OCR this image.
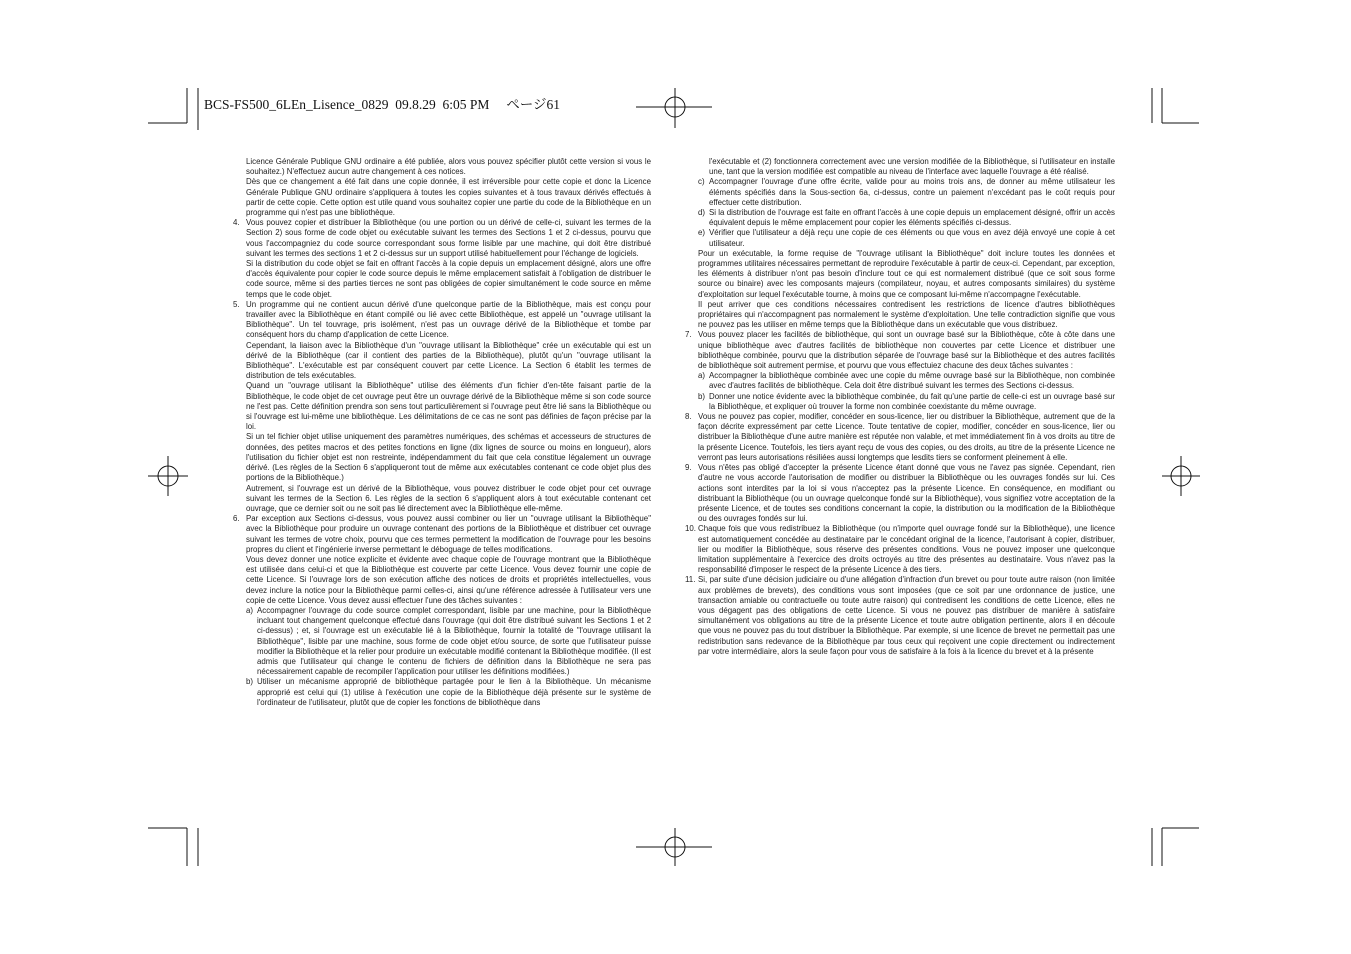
BCS-FS500_6LEn_Lisence_0829  09.8.29  6:05 PM     ページ61
Licence Générale Publique GNU ordinaire a été publiée, alors vous pouvez spécifier plutôt cette version si vous le souhaitez.) N'effectuez aucun autre changement à ces notices.
Dès que ce changement a été fait dans une copie donnée, il est irréversible pour cette copie et donc la Licence Générale Publique GNU ordinaire s'appliquera à toutes les copies suivantes et à tous travaux dérivés effectués à partir de cette copie. Cette option est utile quand vous souhaitez copier une partie du code de la Bibliothèque en un programme qui n'est pas une bibliothèque.
4. Vous pouvez copier et distribuer la Bibliothèque (ou une portion ou un dérivé de celle-ci, suivant les termes de la Section 2) sous forme de code objet ou exécutable suivant les termes des Sections 1 et 2 ci-dessus, pourvu que vous l'accompagniez du code source correspondant sous forme lisible par une machine, qui doit être distribué suivant les termes des sections 1 et 2 ci-dessus sur un support utilisé habituellement pour l'échange de logiciels.
Si la distribution du code objet se fait en offrant l'accès à la copie depuis un emplacement désigné, alors une offre d'accès équivalente pour copier le code source depuis le même emplacement satisfait à l'obligation de distribuer le code source, même si des parties tierces ne sont pas obligées de copier simultanément le code source en même temps que le code objet.
5. Un programme qui ne contient aucun dérivé d'une quelconque partie de la Bibliothèque, mais est conçu pour travailler avec la Bibliothèque en étant compilé ou lié avec cette Bibliothèque, est appelé un "ouvrage utilisant la Bibliothèque". Un tel touvrage, pris isolément, n'est pas un ouvrage dérivé de la Bibliothèque et tombe par conséquent hors du champ d'application de cette Licence.
Cependant, la liaison avec la Bibliothèque d'un "ouvrage utilisant la Bibliothèque" crée un exécutable qui est un dérivé de la Bibliothèque (car il contient des parties de la Bibliothèque), plutôt qu'un "ouvrage utilisant la Bibliothèque". L'exécutable est par conséquent couvert par cette Licence. La Section 6 établit les termes de distribution de tels exécutables.
Quand un "ouvrage utilisant la Bibliothèque" utilise des éléments d'un fichier d'en-tête faisant partie de la Bibliothèque, le code objet de cet ouvrage peut être un ouvrage dérivé de la Bibliothèque même si son code source ne l'est pas. Cette définition prendra son sens tout particulièrement si l'ouvrage peut être lié sans la Bibliothèque ou si l'ouvrage est lui-même une bibliothèque. Les délimitations de ce cas ne sont pas définies de façon précise par la loi.
Si un tel fichier objet utilise uniquement des paramètres numériques, des schémas et accesseurs de structures de données, des petites macros et des petites fonctions en ligne (dix lignes de source ou moins en longueur), alors l'utilisation du fichier objet est non restreinte, indépendamment du fait que cela constitue légalement un ouvrage dérivé. (Les règles de la Section 6 s'appliqueront tout de même aux exécutables contenant ce code objet plus des portions de la Bibliothèque.)
Autrement, si l'ouvrage est un dérivé de la Bibliothèque, vous pouvez distribuer le code objet pour cet ouvrage suivant les termes de la Section 6. Les règles de la section 6 s'appliquent alors à tout exécutable contenant cet ouvrage, que ce dernier soit ou ne soit pas lié directement avec la Bibliothèque elle-même.
6. Par exception aux Sections ci-dessus, vous pouvez aussi combiner ou lier un "ouvrage utilisant la Bibliothèque" avec la Bibliothèque pour produire un ouvrage contenant des portions de la Bibliothèque et distribuer cet ouvrage suivant les termes de votre choix, pourvu que ces termes permettent la modification de l'ouvrage pour les besoins propres du client et l'ingénierie inverse permettant le déboguage de telles modifications.
Vous devez donner une notice explicite et évidente avec chaque copie de l'ouvrage montrant que la Bibliothèque est utilisée dans celui-ci et que la Bibliothèque est couverte par cette Licence. Vous devez fournir une copie de cette Licence. Si l'ouvrage lors de son exécution affiche des notices de droits et propriétés intellectuelles, vous devez inclure la notice pour la Bibliothèque parmi celles-ci, ainsi qu'une référence adressée à l'utilisateur vers une copie de cette Licence. Vous devez aussi effectuer l'une des tâches suivantes :
a) Accompagner l'ouvrage du code source complet correspondant, lisible par une machine, pour la Bibliothèque incluant tout changement quelconque effectué dans l'ouvrage (qui doit être distribué suivant les Sections 1 et 2 ci-dessus) ; et, si l'ouvrage est un exécutable lié à la Bibliothèque, fournir la totalité de "l'ouvrage utilisant la Bibliothèque", lisible par une machine, sous forme de code objet et/ou source, de sorte que l'utilisateur puisse modifier la Bibliothèque et la relier pour produire un exécutable modifié contenant la Bibliothèque modifiée. (Il est admis que l'utilisateur qui change le contenu de fichiers de définition dans la Bibliothèque ne sera pas nécessairement capable de recompiler l'application pour utiliser les définitions modifiées.)
b) Utiliser un mécanisme approprié de bibliothèque partagée pour le lien à la Bibliothèque. Un mécanisme approprié est celui qui (1) utilise à l'exécution une copie de la Bibliothèque déjà présente sur le système de l'ordinateur de l'utilisateur, plutôt que de copier les fonctions de bibliothèque dans
l'exécutable et (2) fonctionnera correctement avec une version modifiée de la Bibliothèque, si l'utilisateur en installe une, tant que la version modifiée est compatible au niveau de l'interface avec laquelle l'ouvrage a été réalisé.
c) Accompagner l'ouvrage d'une offre écrite, valide pour au moins trois ans, de donner au même utilisateur les éléments spécifiés dans la Sous-section 6a, ci-dessus, contre un paiement n'excédant pas le coût requis pour effectuer cette distribution.
d) Si la distribution de l'ouvrage est faite en offrant l'accès à une copie depuis un emplacement désigné, offrir un accès équivalent depuis le même emplacement pour copier les éléments spécifiés ci-dessus.
e) Vérifier que l'utilisateur a déjà reçu une copie de ces éléments ou que vous en avez déjà envoyé une copie à cet utilisateur.
Pour un exécutable, la forme requise de "l'ouvrage utilisant la Bibliothèque" doit inclure toutes les données et programmes utilitaires nécessaires permettant de reproduire l'exécutable à partir de ceux-ci. Cependant, par exception, les éléments à distribuer n'ont pas besoin d'inclure tout ce qui est normalement distribué (que ce soit sous forme source ou binaire) avec les composants majeurs (compilateur, noyau, et autres composants similaires) du système d'exploitation sur lequel l'exécutable tourne, à moins que ce composant lui-même n'accompagne l'exécutable.
Il peut arriver que ces conditions nécessaires contredisent les restrictions de licence d'autres bibliothèques propriétaires qui n'accompagnent pas normalement le système d'exploitation. Une telle contradiction signifie que vous ne pouvez pas les utiliser en même temps que la Bibliothèque dans un exécutable que vous distribuez.
7. Vous pouvez placer les facilités de bibliothèque, qui sont un ouvrage basé sur la Bibliothèque, côte à côte dans une unique bibliothèque avec d'autres facilités de bibliothèque non couvertes par cette Licence et distribuer une bibliothèque combinée, pourvu que la distribution séparée de l'ouvrage basé sur la Bibliothèque et des autres facilités de bibliothèque soit autrement permise, et pourvu que vous effectuiez chacune des deux tâches suivantes :
a) Accompagner la bibliothèque combinée avec une copie du même ouvrage basé sur la Bibliothèque, non combinée avec d'autres facilités de bibliothèque. Cela doit être distribué suivant les termes des Sections ci-dessus.
b) Donner une notice évidente avec la bibliothèque combinée, du fait qu'une partie de celle-ci est un ouvrage basé sur la Bibliothèque, et expliquer où trouver la forme non combinée coexistante du même ouvrage.
8. Vous ne pouvez pas copier, modifier, concéder en sous-licence, lier ou distribuer la Bibliothèque, autrement que de la façon décrite expressément par cette Licence. Toute tentative de copier, modifier, concéder en sous-licence, lier ou distribuer la Bibliothèque d'une autre manière est réputée non valable, et met immédiatement fin à vos droits au titre de la présente Licence. Toutefois, les tiers ayant reçu de vous des copies, ou des droits, au titre de la présente Licence ne verront pas leurs autorisations résiliées aussi longtemps que lesdits tiers se conforment pleinement à elle.
9. Vous n'êtes pas obligé d'accepter la présente Licence étant donné que vous ne l'avez pas signée. Cependant, rien d'autre ne vous accorde l'autorisation de modifier ou distribuer la Bibliothèque ou les ouvrages fondés sur lui. Ces actions sont interdites par la loi si vous n'acceptez pas la présente Licence. En conséquence, en modifiant ou distribuant la Bibliothèque (ou un ouvrage quelconque fondé sur la Bibliothèque), vous signifiez votre acceptation de la présente Licence, et de toutes ses conditions concernant la copie, la distribution ou la modification de la Bibliothèque ou des ouvrages fondés sur lui.
10. Chaque fois que vous redistribuez la Bibliothèque (ou n'importe quel ouvrage fondé sur la Bibliothèque), une licence est automatiquement concédée au destinataire par le concédant original de la licence, l'autorisant à copier, distribuer, lier ou modifier la Bibliothèque, sous réserve des présentes conditions. Vous ne pouvez imposer une quelconque limitation supplémentaire à l'exercice des droits octroyés au titre des présentes au destinataire. Vous n'avez pas la responsabilité d'imposer le respect de la présente Licence à des tiers.
11. Si, par suite d'une décision judiciaire ou d'une allégation d'infraction d'un brevet ou pour toute autre raison (non limitée aux problèmes de brevets), des conditions vous sont imposées (que ce soit par une ordonnance de justice, une transaction amiable ou contractuelle ou toute autre raison) qui contredisent les conditions de cette Licence, elles ne vous dégagent pas des obligations de cette Licence. Si vous ne pouvez pas distribuer de manière à satisfaire simultanément vos obligations au titre de la présente Licence et toute autre obligation pertinente, alors il en découle que vous ne pouvez pas du tout distribuer la Bibliothèque. Par exemple, si une licence de brevet ne permettait pas une redistribution sans redevance de la Bibliothèque par tous ceux qui reçoivent une copie directement ou indirectement par votre intermédiaire, alors la seule façon pour vous de satisfaire à la fois à la licence du brevet et à la présente
